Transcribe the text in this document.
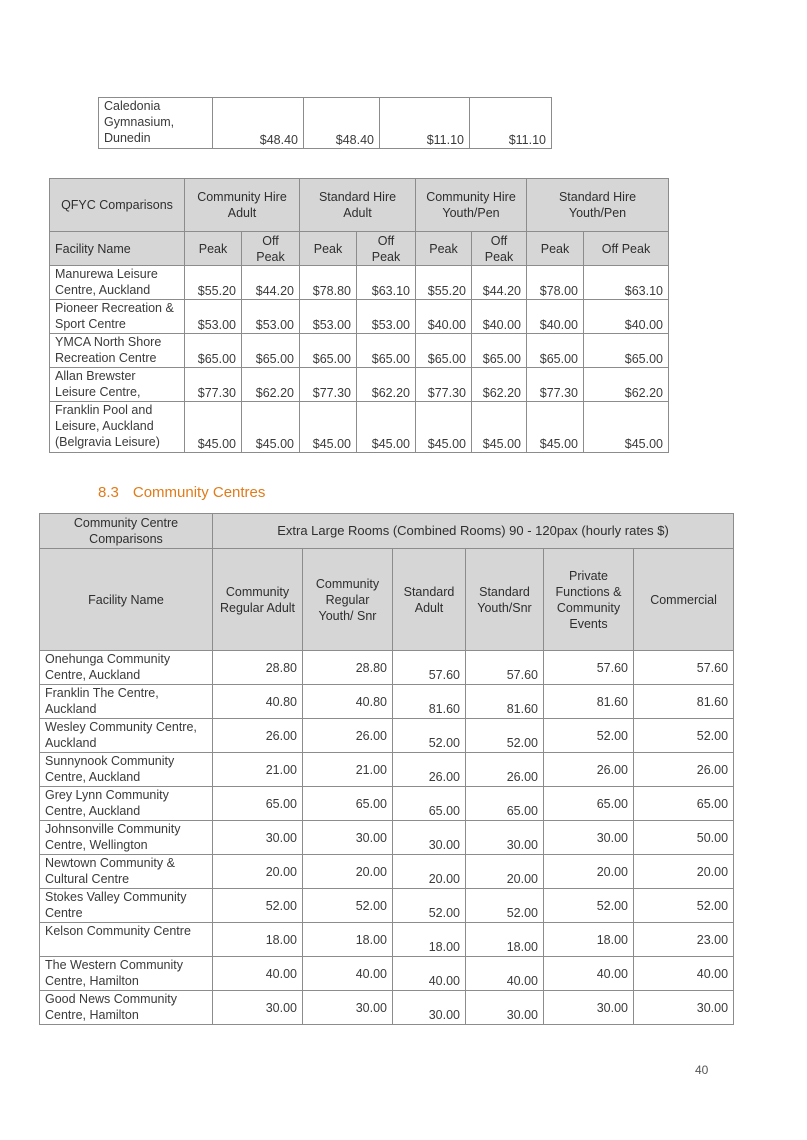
Caledonia Gymnasium, Dunedin	$48.40	$48.40	$11.10	$11.10
QFYC Comparisons	Community Hire Adult		Standard Hire Adult		Community Hire Youth/Pen		Standard Hire Youth/Pen	
Facility Name	Peak	Off Peak	Peak	Off Peak	Peak	Off Peak	Peak	Off Peak
Manurewa Leisure Centre, Auckland	$55.20	$44.20	$78.80	$63.10	$55.20	$44.20	$78.00	$63.10
Pioneer Recreation & Sport Centre	$53.00	$53.00	$53.00	$53.00	$40.00	$40.00	$40.00	$40.00
YMCA North Shore Recreation Centre	$65.00	$65.00	$65.00	$65.00	$65.00	$65.00	$65.00	$65.00
Allan Brewster Leisure Centre,	$77.30	$62.20	$77.30	$62.20	$77.30	$62.20	$77.30	$62.20
Franklin Pool and Leisure, Auckland (Belgravia Leisure)	$45.00	$45.00	$45.00	$45.00	$45.00	$45.00	$45.00	$45.00
8.3 Community Centres
Community Centre Comparisons	Extra Large Rooms (Combined Rooms) 90 - 120pax (hourly rates $)					
Facility Name	Community Regular Adult	Community Regular Youth/ Snr	Standard Adult	Standard Youth/Snr	Private Functions & Community Events	Commercial
Onehunga Community Centre, Auckland	28.80	28.80	57.60	57.60	57.60	57.60
Franklin The Centre, Auckland	40.80	40.80	81.60	81.60	81.60	81.60
Wesley Community Centre, Auckland	26.00	26.00	52.00	52.00	52.00	52.00
Sunnynook Community Centre, Auckland	21.00	21.00	26.00	26.00	26.00	26.00
Grey Lynn Community Centre, Auckland	65.00	65.00	65.00	65.00	65.00	65.00
Johnsonville Community Centre, Wellington	30.00	30.00	30.00	30.00	30.00	50.00
Newtown Community & Cultural Centre	20.00	20.00	20.00	20.00	20.00	20.00
Stokes Valley Community Centre	52.00	52.00	52.00	52.00	52.00	52.00
Kelson Community Centre	18.00	18.00	18.00	18.00	18.00	23.00
The Western Community Centre, Hamilton	40.00	40.00	40.00	40.00	40.00	40.00
Good News Community Centre, Hamilton	30.00	30.00	30.00	30.00	30.00	30.00
40
